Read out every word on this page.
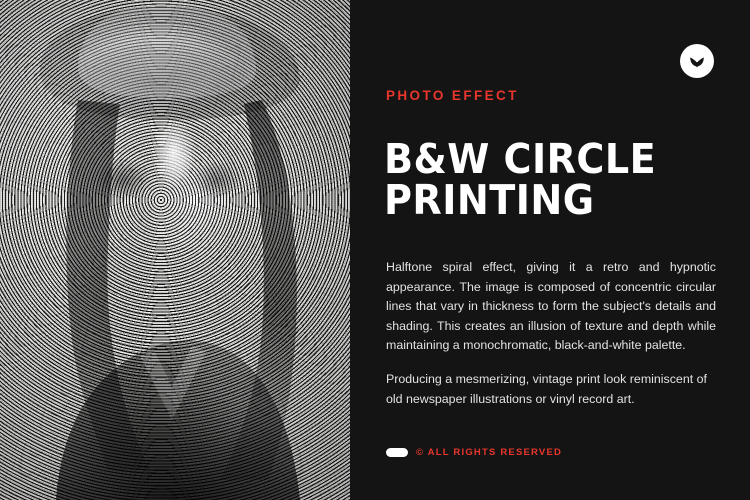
PHOTO EFFECT
B&W CIRCLE
PRINTING

Halftone spiral effect, giving it a retro and hypnotic appearance. The image is composed of concentric circular lines that vary in thickness to form the subject's details and shading. This creates an illusion of texture and depth while maintaining a monochromatic, black-and-white palette.

Producing a mesmerizing, vintage print look reminiscent of old newspaper illustrations or vinyl record art.

© ALL RIGHTS RESERVED
